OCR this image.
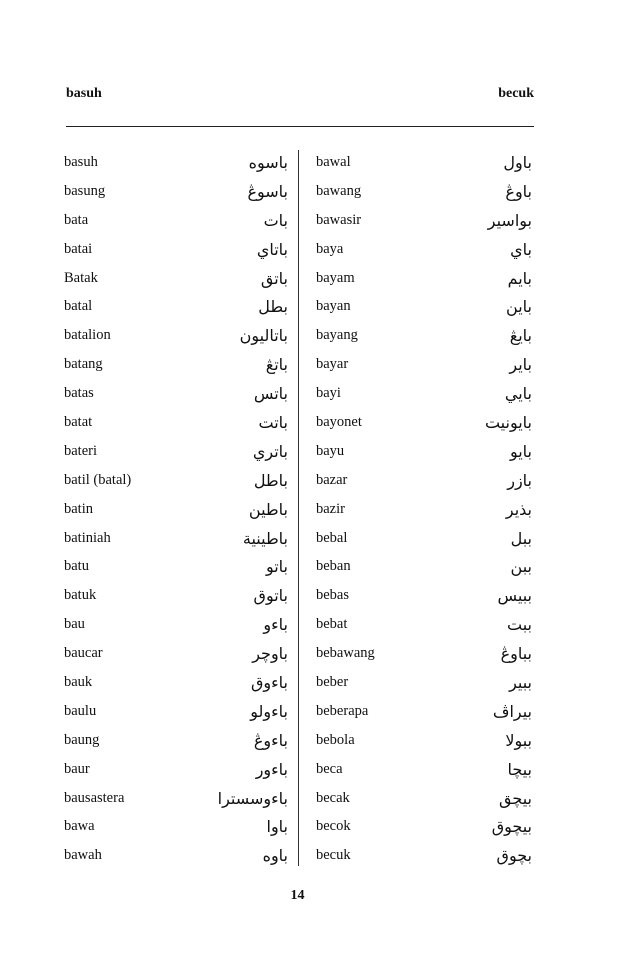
basuh	becuk
basuh	باسوه
basung	باسوڠ
bata	بات
batai	باتاي
Batak	باتق
batal	بطل
batalion	باتاليون
batang	باتڠ
batas	باتس
batat	باتت
bateri	باتري
batil (batal)	باطل
batin	باطين
batiniah	باطينية
batu	باتو
batuk	باتوق
bau	باءو
baucar	باوچر
bauk	باءوق
baulu	باءولو
baung	باءوڠ
baur	باءور
bausastera	باءوسسترا
bawa	باوا
bawah	باوه
bawal	باول
bawang	باوڠ
bawasir	بواسير
baya	باي
bayam	بايم
bayan	باين
bayang	بايڠ
bayar	باير
bayi	بايي
bayonet	بايونيت
bayu	بايو
bazar	بازر
bazir	بذير
bebal	ببل
beban	ببن
bebas	ببيس
bebat	ببت
bebawang	بباوڠ
beber	ببير
beberapa	بيراڤ
bebola	ببولا
beca	بيچا
becak	بيچق
becok	بيچوق
becuk	بچوق
14
